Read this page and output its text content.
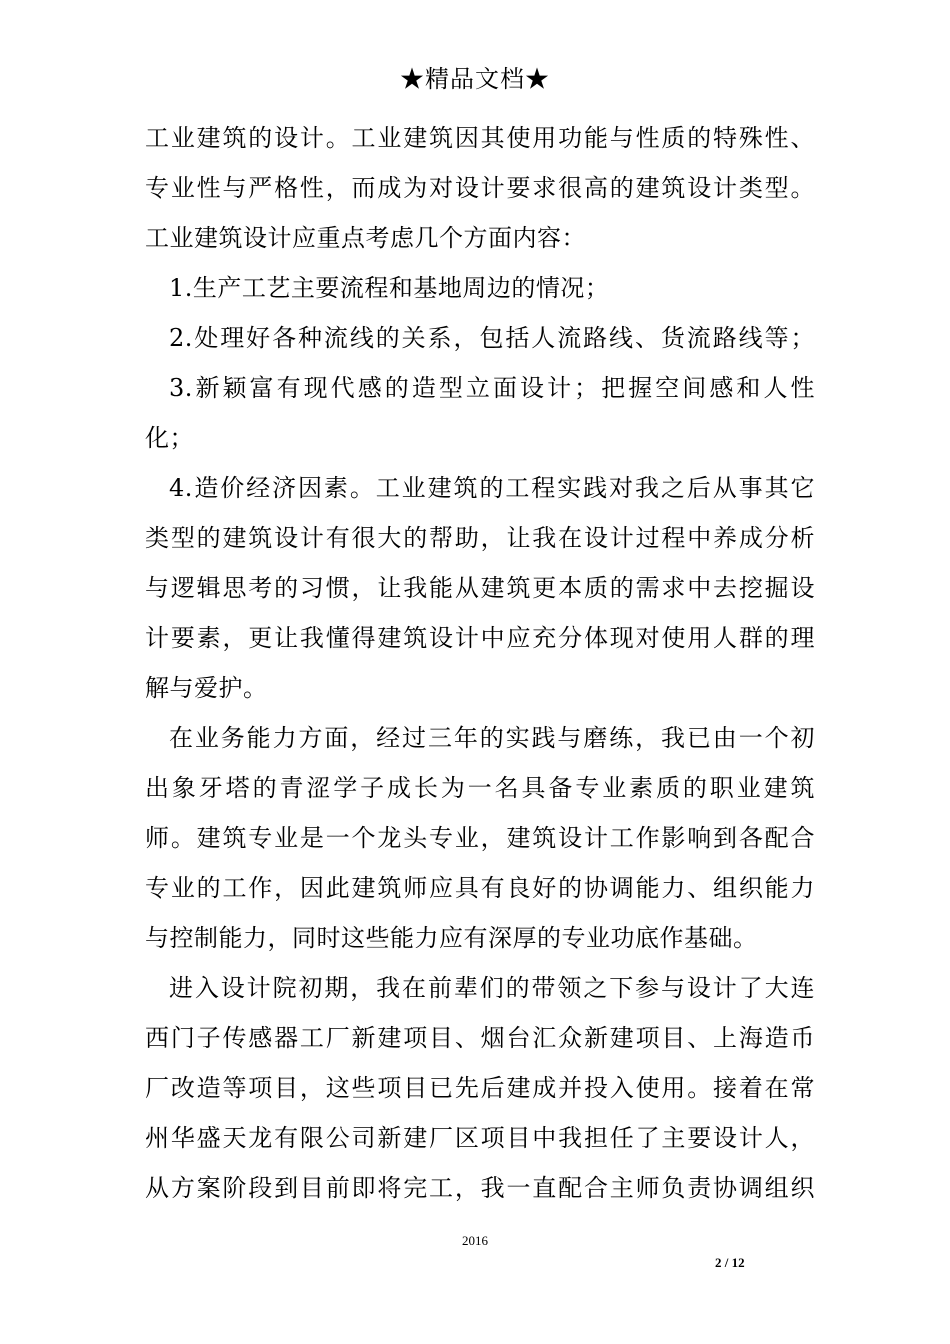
★精品文档★
工业建筑的设计。工业建筑因其使用功能与性质的特殊性、
专业性与严格性，而成为对设计要求很高的建筑设计类型。
工业建筑设计应重点考虑几个方面内容：
1.生产工艺主要流程和基地周边的情况；
2.处理好各种流线的关系，包括人流路线、货流路线等；
3.新颖富有现代感的造型立面设计；把握空间感和人性
化；
4.造价经济因素。工业建筑的工程实践对我之后从事其它
类型的建筑设计有很大的帮助，让我在设计过程中养成分析
与逻辑思考的习惯，让我能从建筑更本质的需求中去挖掘设
计要素，更让我懂得建筑设计中应充分体现对使用人群的理
解与爱护。
在业务能力方面，经过三年的实践与磨练，我已由一个初
出象牙塔的青涩学子成长为一名具备专业素质的职业建筑
师。建筑专业是一个龙头专业，建筑设计工作影响到各配合
专业的工作，因此建筑师应具有良好的协调能力、组织能力
与控制能力，同时这些能力应有深厚的专业功底作基础。
进入设计院初期，我在前辈们的带领之下参与设计了大连
西门子传感器工厂新建项目、烟台汇众新建项目、上海造币
厂改造等项目，这些项目已先后建成并投入使用。接着在常
州华盛天龙有限公司新建厂区项目中我担任了主要设计人，
从方案阶段到目前即将完工，我一直配合主师负责协调组织
2016
2 / 12
